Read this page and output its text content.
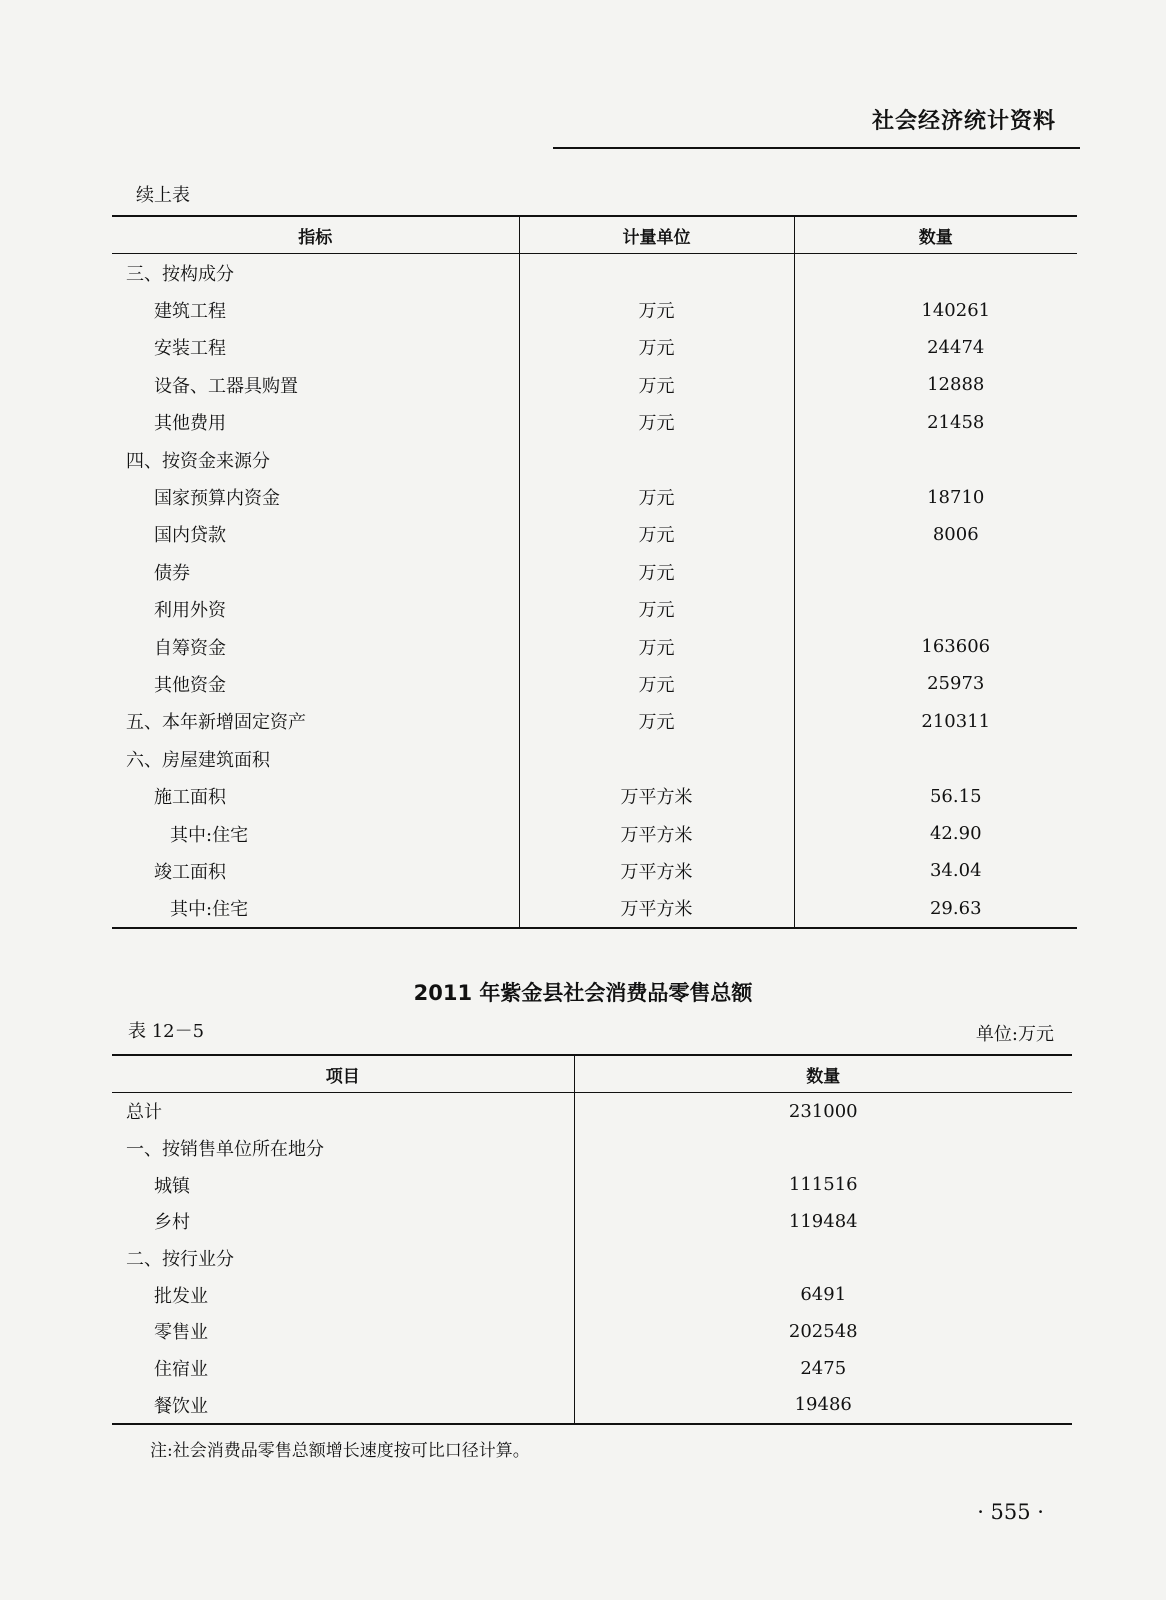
社会经济统计资料
续上表
指标	计量单位	数量
三、按构成分		
建筑工程	万元	140261
安装工程	万元	24474
设备、工器具购置	万元	12888
其他费用	万元	21458
四、按资金来源分		
国家预算内资金	万元	18710
国内贷款	万元	8006
债券	万元	
利用外资	万元	
自筹资金	万元	163606
其他资金	万元	25973
五、本年新增固定资产	万元	210311
六、房屋建筑面积		
施工面积	万平方米	56.15
其中:住宅	万平方米	42.90
竣工面积	万平方米	34.04
其中:住宅	万平方米	29.63
2011 年紫金县社会消费品零售总额
表 12－5	单位:万元
项目	数量
总计	231000
一、按销售单位所在地分	
城镇	111516
乡村	119484
二、按行业分	
批发业	6491
零售业	202548
住宿业	2475
餐饮业	19486
注:社会消费品零售总额增长速度按可比口径计算。
· 555 ·
